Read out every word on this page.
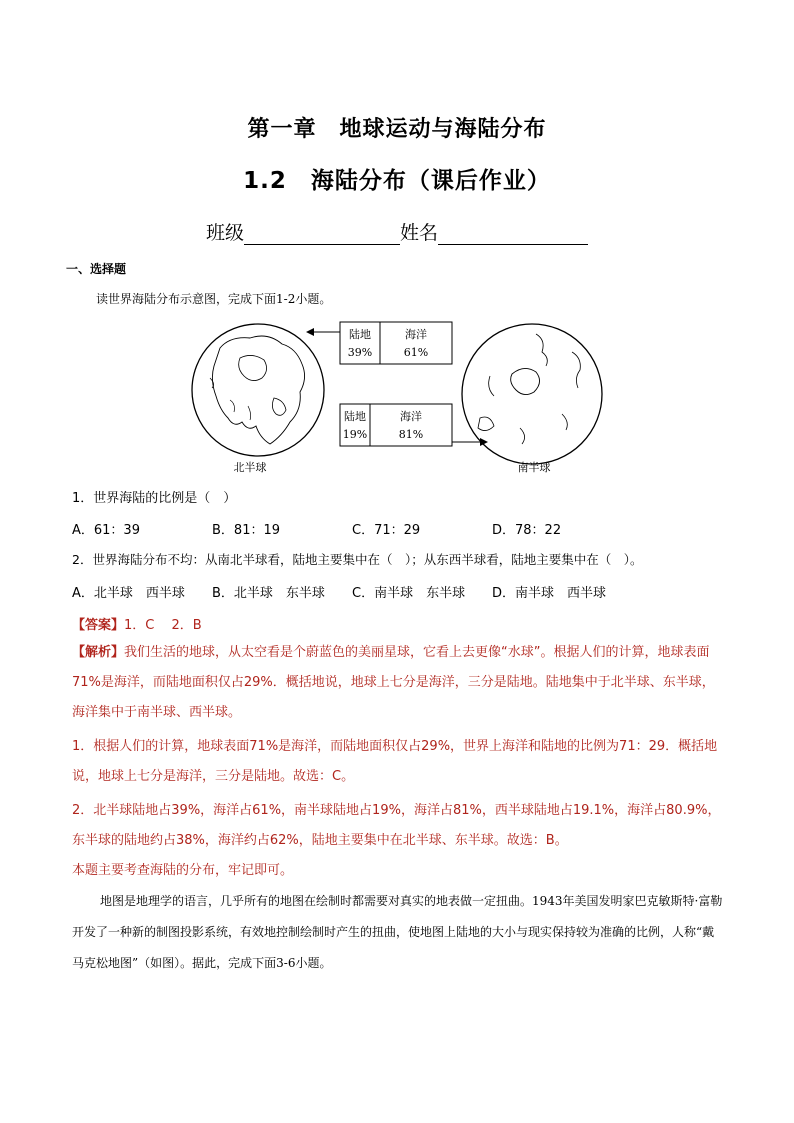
第一章　地球运动与海陆分布
1.2　海陆分布（课后作业）
班级	姓名
一、选择题
读世界海陆分布示意图，完成下面1-2小题。
北半球	南半球
陆地
39%
海洋
61%
陆地
19%
海洋
81%
1．世界海陆的比例是（　）
A．61：39	B．81：19	C．71：29	D．78：22
2．世界海陆分布不均：从南北半球看，陆地主要集中在（　）；从东西半球看，陆地主要集中在（　）。
A．北半球　西半球 B．北半球　东半球 C．南半球　东半球 D．南半球　西半球
【答案】1．C　 2．B
【解析】我们生活的地球，从太空看是个蔚蓝色的美丽星球，它看上去更像“水球”。根据人们的计算，地球表面71%是海洋，而陆地面积仅占29%．概括地说，地球上七分是海洋，三分是陆地。陆地集中于北半球、东半球，海洋集中于南半球、西半球。
1．根据人们的计算，地球表面71%是海洋，而陆地面积仅占29%，世界上海洋和陆地的比例为71：29．概括地说，地球上七分是海洋，三分是陆地。故选：C。
2．北半球陆地占39%，海洋占61%，南半球陆地占19%，海洋占81%，西半球陆地占19.1%，海洋占80.9%，东半球的陆地约占38%，海洋约占62%，陆地主要集中在北半球、东半球。故选：B。
本题主要考查海陆的分布，牢记即可。
地图是地理学的语言，几乎所有的地图在绘制时都需要对真实的地表做一定扭曲。1943年美国发明家巴克敏斯特·富勒开发了一种新的制图投影系统，有效地控制绘制时产生的扭曲，使地图上陆地的大小与现实保持较为准确的比例，人称“戴马克松地图”（如图）。据此，完成下面3-6小题。
